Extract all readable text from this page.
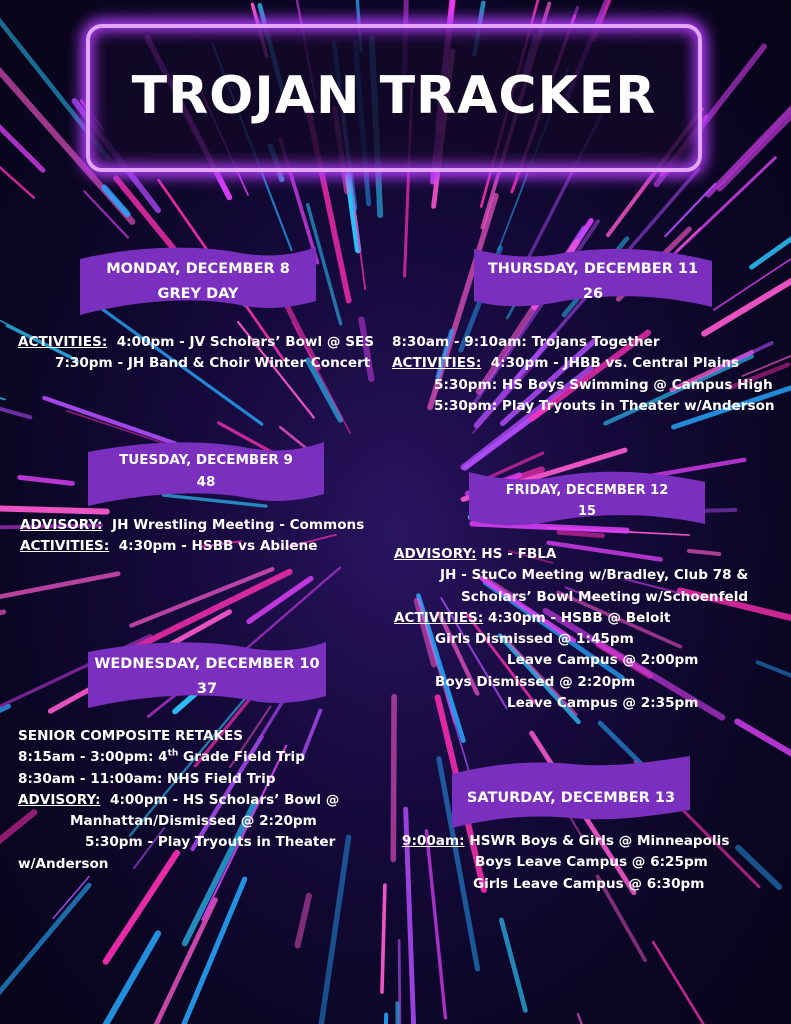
TROJAN TRACKER
MONDAY, DECEMBER 8
GREY DAY
ACTIVITIES: 4:00pm - JV Scholars’ Bowl @ SES
7:30pm - JH Band & Choir Winter Concert
TUESDAY, DECEMBER 9
48
ADVISORY: JH Wrestling Meeting - Commons
ACTIVITIES: 4:30pm - HSBB vs Abilene
WEDNESDAY, DECEMBER 10
37
SENIOR COMPOSITE RETAKES
8:15am - 3:00pm: 4th Grade Field Trip
8:30am - 11:00am: NHS Field Trip
ADVISORY: 4:00pm - HS Scholars’ Bowl @
Manhattan/Dismissed @ 2:20pm
5:30pm - Play Tryouts in Theater
w/Anderson
THURSDAY, DECEMBER 11
26
8:30am - 9:10am: Trojans Together
ACTIVITIES: 4:30pm - JHBB vs. Central Plains
5:30pm: HS Boys Swimming @ Campus High
5:30pm: Play Tryouts in Theater w/Anderson
FRIDAY, DECEMBER 12
15
ADVISORY: HS - FBLA
JH - StuCo Meeting w/Bradley, Club 78 &
Scholars’ Bowl Meeting w/Schoenfeld
ACTIVITIES: 4:30pm - HSBB @ Beloit
Girls Dismissed @ 1:45pm
Leave Campus @ 2:00pm
Boys Dismissed @ 2:20pm
Leave Campus @ 2:35pm
SATURDAY, DECEMBER 13
9:00am: HSWR Boys & Girls @ Minneapolis
Boys Leave Campus @ 6:25pm
Girls Leave Campus @ 6:30pm
